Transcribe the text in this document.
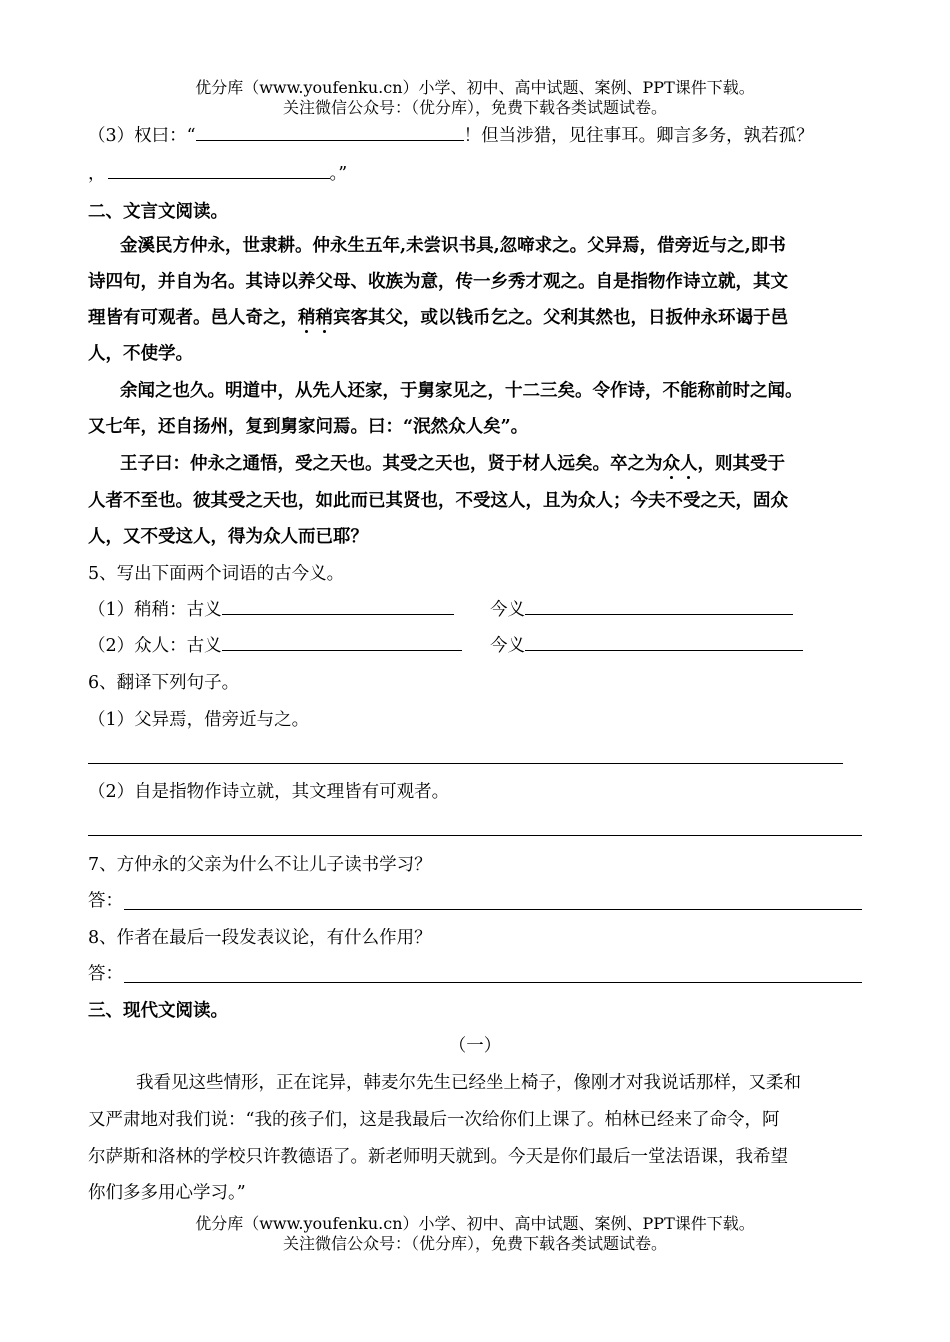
优分库（www.youfenku.cn）小学、初中、高中试题、案例、PPT课件下载。
关注微信公众号：（优分库），免费下载各类试题试卷。
（3）权曰：“	！但当涉猎，见往事耳。卿言多务，孰若孤？
，	。”
二、文言文阅读。
金溪民方仲永，世隶耕。仲永生五年,未尝识书具,忽啼求之。父异焉，借旁近与之,即书
诗四句，并自为名。其诗以养父母、收族为意，传一乡秀才观之。自是指物作诗立就，其文
理皆有可观者。邑人奇之，稍稍宾客其父，或以钱币乞之。父利其然也，日扳仲永环谒于邑
人，不使学。
余闻之也久。明道中，从先人还家，于舅家见之，十二三矣。令作诗，不能称前时之闻。
又七年，还自扬州，复到舅家问焉。曰：“泯然众人矣”。
王子曰：仲永之通悟，受之天也。其受之天也，贤于材人远矣。卒之为众人，则其受于
人者不至也。彼其受之天也，如此而已其贤也，不受这人，且为众人；今夫不受之天，固众
人，又不受这人，得为众人而已耶？
5、写出下面两个词语的古今义。
（1）稍稍：古义	今义
（2）众人：古义	今义
6、翻译下列句子。
（1）父异焉，借旁近与之。
（2）自是指物作诗立就，其文理皆有可观者。
7、方仲永的父亲为什么不让儿子读书学习？
答：
8、作者在最后一段发表议论，有什么作用？
答：
三、现代文阅读。
（一）
我看见这些情形，正在诧异，韩麦尔先生已经坐上椅子，像刚才对我说话那样，又柔和
又严肃地对我们说：“我的孩子们，这是我最后一次给你们上课了。柏林已经来了命令，阿
尔萨斯和洛林的学校只许教德语了。新老师明天就到。今天是你们最后一堂法语课，我希望
你们多多用心学习。”
优分库（www.youfenku.cn）小学、初中、高中试题、案例、PPT课件下载。
关注微信公众号：（优分库），免费下载各类试题试卷。
